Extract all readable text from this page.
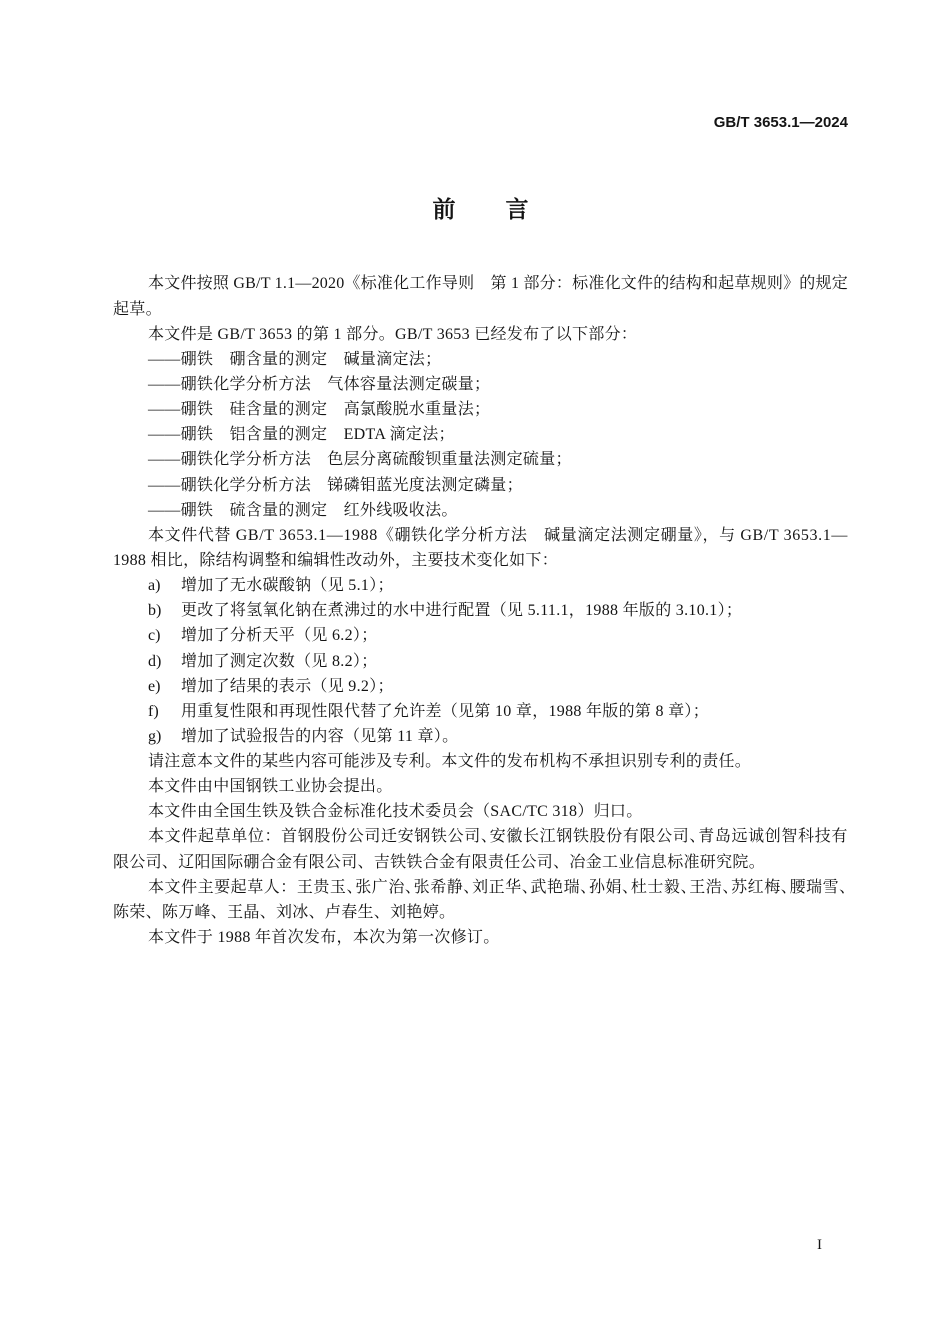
GB/T 3653.1—2024
前言
本文件按照 GB/T 1.1—2020《标准化工作导则　第 1 部分：标准化文件的结构和起草规则》的规定
起草。
本文件是 GB/T 3653 的第 1 部分。GB/T 3653 已经发布了以下部分：
——硼铁　硼含量的测定　碱量滴定法；
——硼铁化学分析方法　气体容量法测定碳量；
——硼铁　硅含量的测定　高氯酸脱水重量法；
——硼铁　铝含量的测定　EDTA 滴定法；
——硼铁化学分析方法　色层分离硫酸钡重量法测定硫量；
——硼铁化学分析方法　锑磷钼蓝光度法测定磷量；
——硼铁　硫含量的测定　红外线吸收法。
本文件代替 GB/T 3653.1—1988《硼铁化学分析方法　碱量滴定法测定硼量》，与 GB/T 3653.1—
1988 相比，除结构调整和编辑性改动外，主要技术变化如下：
a) 增加了无水碳酸钠（见 5.1）；
b) 更改了将氢氧化钠在煮沸过的水中进行配置（见 5.11.1，1988 年版的 3.10.1）；
c) 增加了分析天平（见 6.2）；
d) 增加了测定次数（见 8.2）；
e) 增加了结果的表示（见 9.2）；
f) 用重复性限和再现性限代替了允许差（见第 10 章，1988 年版的第 8 章）；
g) 增加了试验报告的内容（见第 11 章）。
请注意本文件的某些内容可能涉及专利。本文件的发布机构不承担识别专利的责任。
本文件由中国钢铁工业协会提出。
本文件由全国生铁及铁合金标准化技术委员会（SAC/TC 318）归口。
本文件起草单位：首钢股份公司迁安钢铁公司、安徽长江钢铁股份有限公司、青岛远诚创智科技有
限公司、辽阳国际硼合金有限公司、吉铁铁合金有限责任公司、冶金工业信息标准研究院。
本文件主要起草人：王贵玉、张广治、张希静、刘正华、武艳瑞、孙娟、杜士毅、王浩、苏红梅、腰瑞雪、
陈荣、陈万峰、王晶、刘冰、卢春生、刘艳婷。
本文件于 1988 年首次发布，本次为第一次修订。
I
